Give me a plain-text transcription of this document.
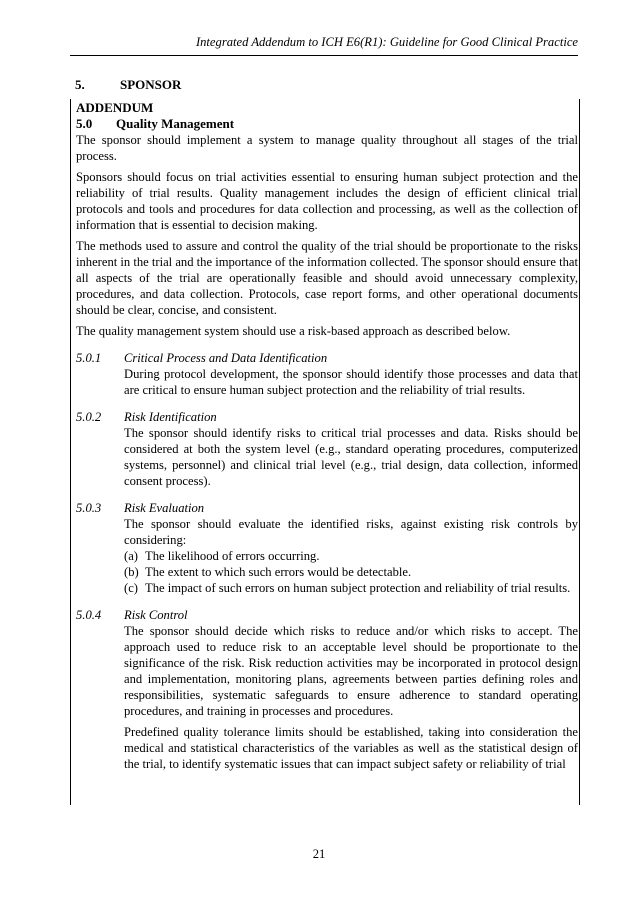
Integrated Addendum to ICH E6(R1): Guideline for Good Clinical Practice
5.	SPONSOR

ADDENDUM

5.0 Quality Management

The sponsor should implement a system to manage quality throughout all stages of the trial process.

Sponsors should focus on trial activities essential to ensuring human subject protection and the reliability of trial results. Quality management includes the design of efficient clinical trial protocols and tools and procedures for data collection and processing, as well as the collection of information that is essential to decision making.

The methods used to assure and control the quality of the trial should be proportionate to the risks inherent in the trial and the importance of the information collected. The sponsor should ensure that all aspects of the trial are operationally feasible and should avoid unnecessary complexity, procedures, and data collection. Protocols, case report forms, and other operational documents should be clear, concise, and consistent.

The quality management system should use a risk-based approach as described below.

5.0.1 Critical Process and Data Identification

During protocol development, the sponsor should identify those processes and data that are critical to ensure human subject protection and the reliability of trial results.

5.0.2 Risk Identification

The sponsor should identify risks to critical trial processes and data. Risks should be considered at both the system level (e.g., standard operating procedures, computerized systems, personnel) and clinical trial level (e.g., trial design, data collection, informed consent process).

5.0.3 Risk Evaluation

The sponsor should evaluate the identified risks, against existing risk controls by considering:

(a) The likelihood of errors occurring.
(b) The extent to which such errors would be detectable.
(c) The impact of such errors on human subject protection and reliability of trial results.

5.0.4 Risk Control

The sponsor should decide which risks to reduce and/or which risks to accept. The approach used to reduce risk to an acceptable level should be proportionate to the significance of the risk. Risk reduction activities may be incorporated in protocol design and implementation, monitoring plans, agreements between parties defining roles and responsibilities, systematic safeguards to ensure adherence to standard operating procedures, and training in processes and procedures.

Predefined quality tolerance limits should be established, taking into consideration the medical and statistical characteristics of the variables as well as the statistical design of the trial, to identify systematic issues that can impact subject safety or reliability of trial

21
